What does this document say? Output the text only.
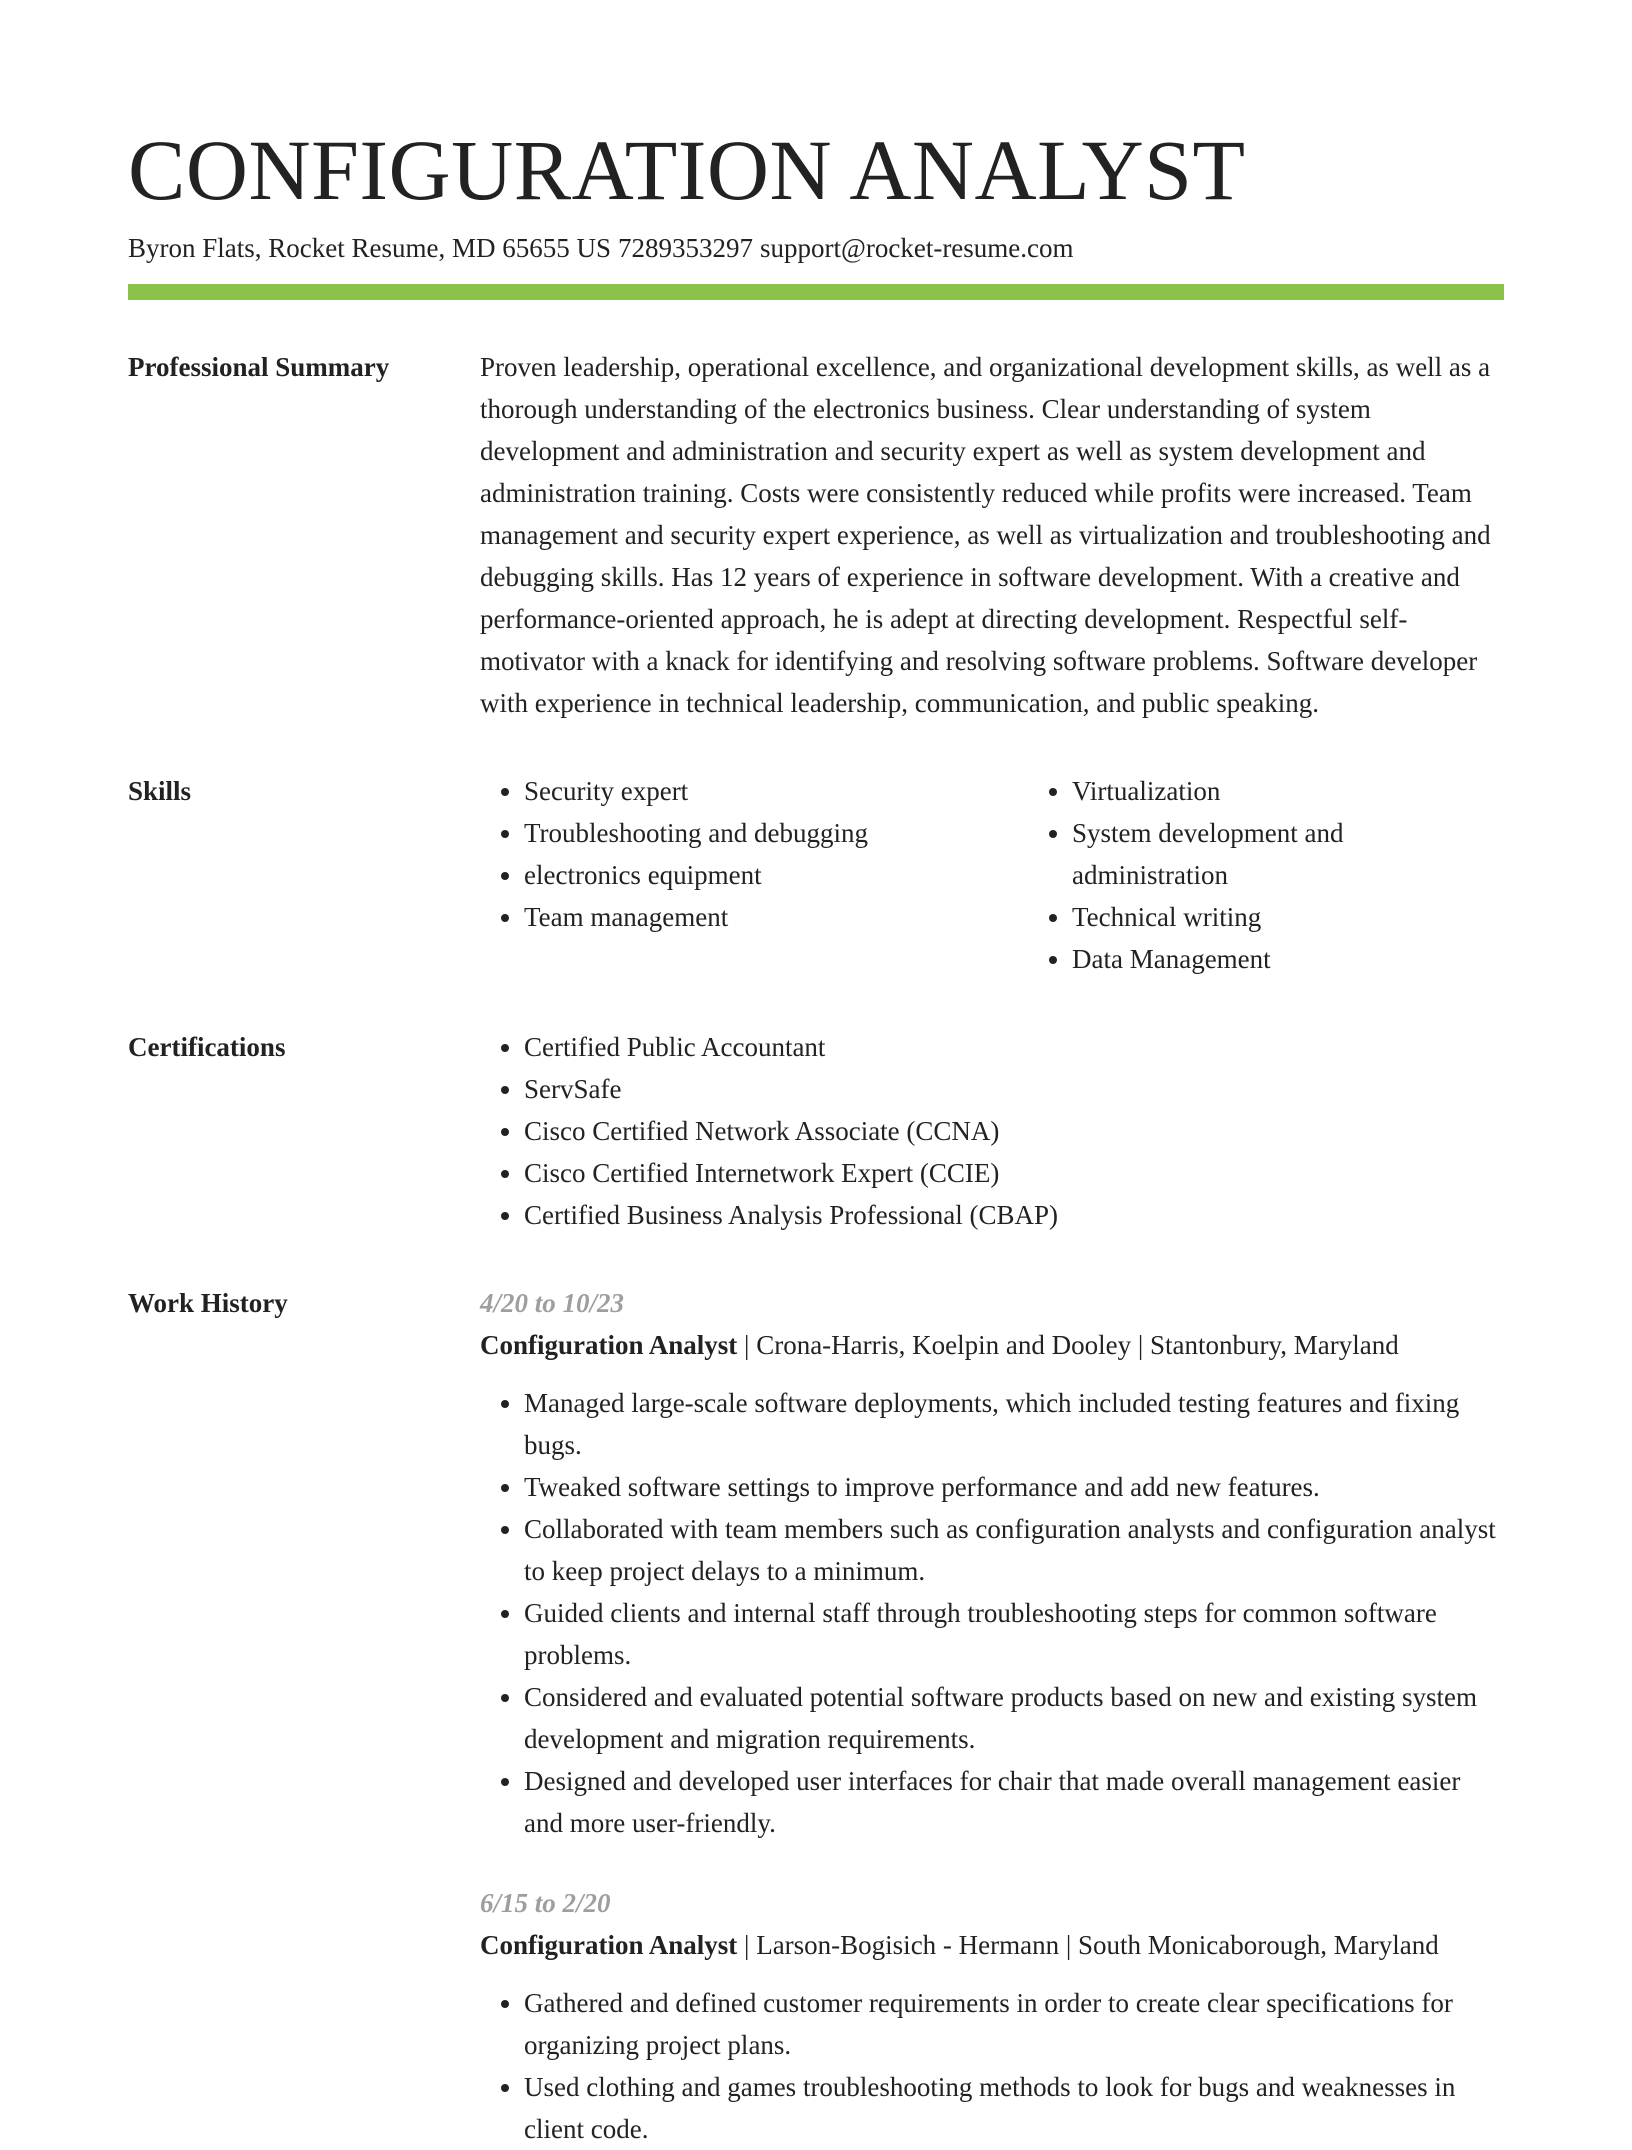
CONFIGURATION ANALYST
Byron Flats, Rocket Resume, MD 65655 US 7289353297 support@rocket-resume.com
Professional Summary	Proven leadership, operational excellence, and organizational development skills, as well as a thorough understanding of the electronics business. Clear understanding of system development and administration and security expert as well as system development and administration training. Costs were consistently reduced while profits were increased. Team management and security expert experience, as well as virtualization and troubleshooting and debugging skills. Has 12 years of experience in software development. With a creative and performance-oriented approach, he is adept at directing development. Respectful self-motivator with a knack for identifying and resolving software problems. Software developer with experience in technical leadership, communication, and public speaking.

Skills	• Security expert
• Troubleshooting and debugging
• electronics equipment
• Team management
• Virtualization
• System development and administration
• Technical writing
• Data Management
Certifications	• Certified Public Accountant
• ServSafe
• Cisco Certified Network Associate (CCNA)
• Cisco Certified Internetwork Expert (CCIE)
• Certified Business Analysis Professional (CBAP)
Work History	4/20 to 10/23
Configuration Analyst | Crona-Harris, Koelpin and Dooley | Stantonbury, Maryland
• Managed large-scale software deployments, which included testing features and fixing bugs.
• Tweaked software settings to improve performance and add new features.
• Collaborated with team members such as configuration analysts and configuration analyst to keep project delays to a minimum.
• Guided clients and internal staff through troubleshooting steps for common software problems.
• Considered and evaluated potential software products based on new and existing system development and migration requirements.
• Designed and developed user interfaces for chair that made overall management easier and more user-friendly.
6/15 to 2/20
Configuration Analyst | Larson-Bogisich - Hermann | South Monicaborough, Maryland
• Gathered and defined customer requirements in order to create clear specifications for organizing project plans.
• Used clothing and games troubleshooting methods to look for bugs and weaknesses in client code.
